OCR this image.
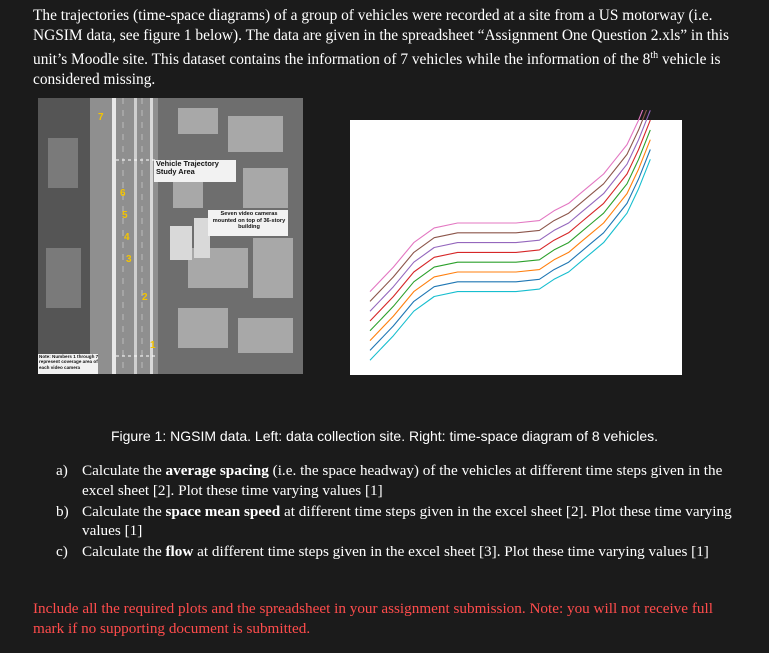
The trajectories (time-space diagrams) of a group of vehicles were recorded at a site from a US motorway (i.e. NGSIM data, see figure 1 below). The data are given in the spreadsheet “Assignment One Question 2.xls” in this unit’s Moodle site. This dataset contains the information of 7 vehicles while the information of the 8th vehicle is considered missing.

Vehicle Trajectory Study Area
Seven video cameras mounted on top of 36-story building
Note: Numbers 1 through 7 represent coverage area of each video camera
7
6
5
4
3
2
1

Figure 1: NGSIM data. Left: data collection site. Right: time-space diagram of 8 vehicles.

a) Calculate the average spacing (i.e. the space headway) of the vehicles at different time steps given in the excel sheet [2]. Plot these time varying values [1]
b) Calculate the space mean speed at different time steps given in the excel sheet [2]. Plot these time varying values [1]
c) Calculate the flow at different time steps given in the excel sheet [3]. Plot these time varying values [1]

Include all the required plots and the spreadsheet in your assignment submission. Note: you will not receive full mark if no supporting document is submitted.
